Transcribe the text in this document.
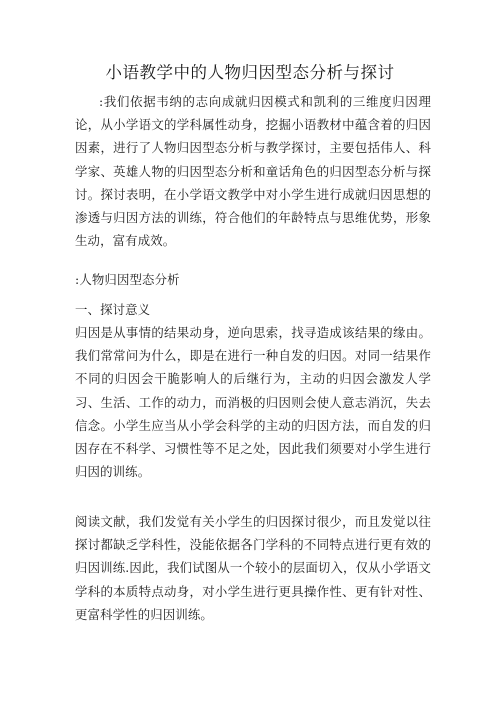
小语教学中的人物归因型态分析与探讨
:我们依据韦纳的志向成就归因模式和凯利的三维度归因理论，从小学语文的学科属性动身，挖掘小语教材中蕴含着的归因因素，进行了人物归因型态分析与教学探讨，主要包括伟人、科学家、英雄人物的归因型态分析和童话角色的归因型态分析与探讨。探讨表明，在小学语文教学中对小学生进行成就归因思想的渗透与归因方法的训练，符合他们的年龄特点与思维优势，形象生动，富有成效。
:人物归因型态分析
一、探讨意义
归因是从事情的结果动身，逆向思索，找寻造成该结果的缘由。我们常常问为什么，即是在进行一种自发的归因。对同一结果作不同的归因会干脆影响人的后继行为，主动的归因会激发人学习、生活、工作的动力，而消极的归因则会使人意志消沉，失去信念。小学生应当从小学会科学的主动的归因方法，而自发的归因存在不科学、习惯性等不足之处，因此我们须要对小学生进行归因的训练。
阅读文献，我们发觉有关小学生的归因探讨很少，而且发觉以往探讨都缺乏学科性，没能依据各门学科的不同特点进行更有效的归因训练.因此，我们试图从一个较小的层面切入，仅从小学语文学科的本质特点动身，对小学生进行更具操作性、更有针对性、更富科学性的归因训练。
